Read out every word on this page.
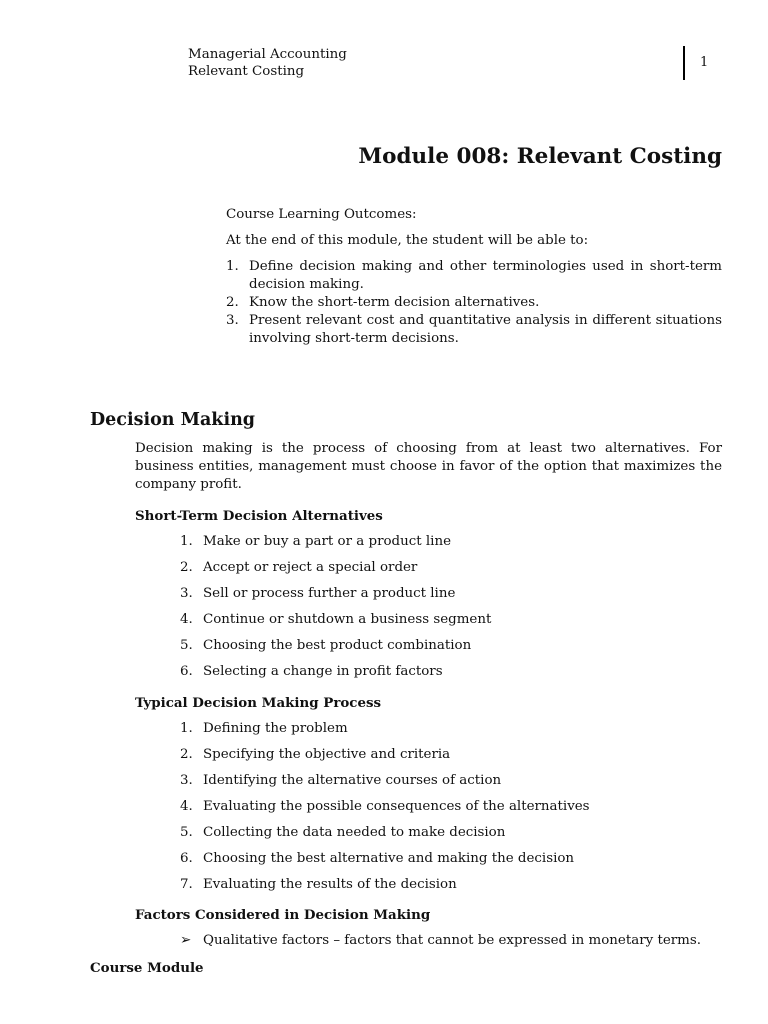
Managerial Accounting
Relevant Costing
1
Module 008: Relevant Costing
Course Learning Outcomes:
At the end of this module, the student will be able to:
1. Define decision making and other terminologies used in short-term decision making.
2. Know the short-term decision alternatives.
3. Present relevant cost and quantitative analysis in different situations involving short-term decisions.
Decision Making
Decision making is the process of choosing from at least two alternatives. For business entities, management must choose in favor of the option that maximizes the company profit.
Short-Term Decision Alternatives
1. Make or buy a part or a product line
2. Accept or reject a special order
3. Sell or process further a product line
4. Continue or shutdown a business segment
5. Choosing the best product combination
6. Selecting a change in profit factors
Typical Decision Making Process
1. Defining the problem
2. Specifying the objective and criteria
3. Identifying the alternative courses of action
4. Evaluating the possible consequences of the alternatives
5. Collecting the data needed to make decision
6. Choosing the best alternative and making the decision
7. Evaluating the results of the decision
Factors Considered in Decision Making
➢ Qualitative factors – factors that cannot be expressed in monetary terms.
Course Module
